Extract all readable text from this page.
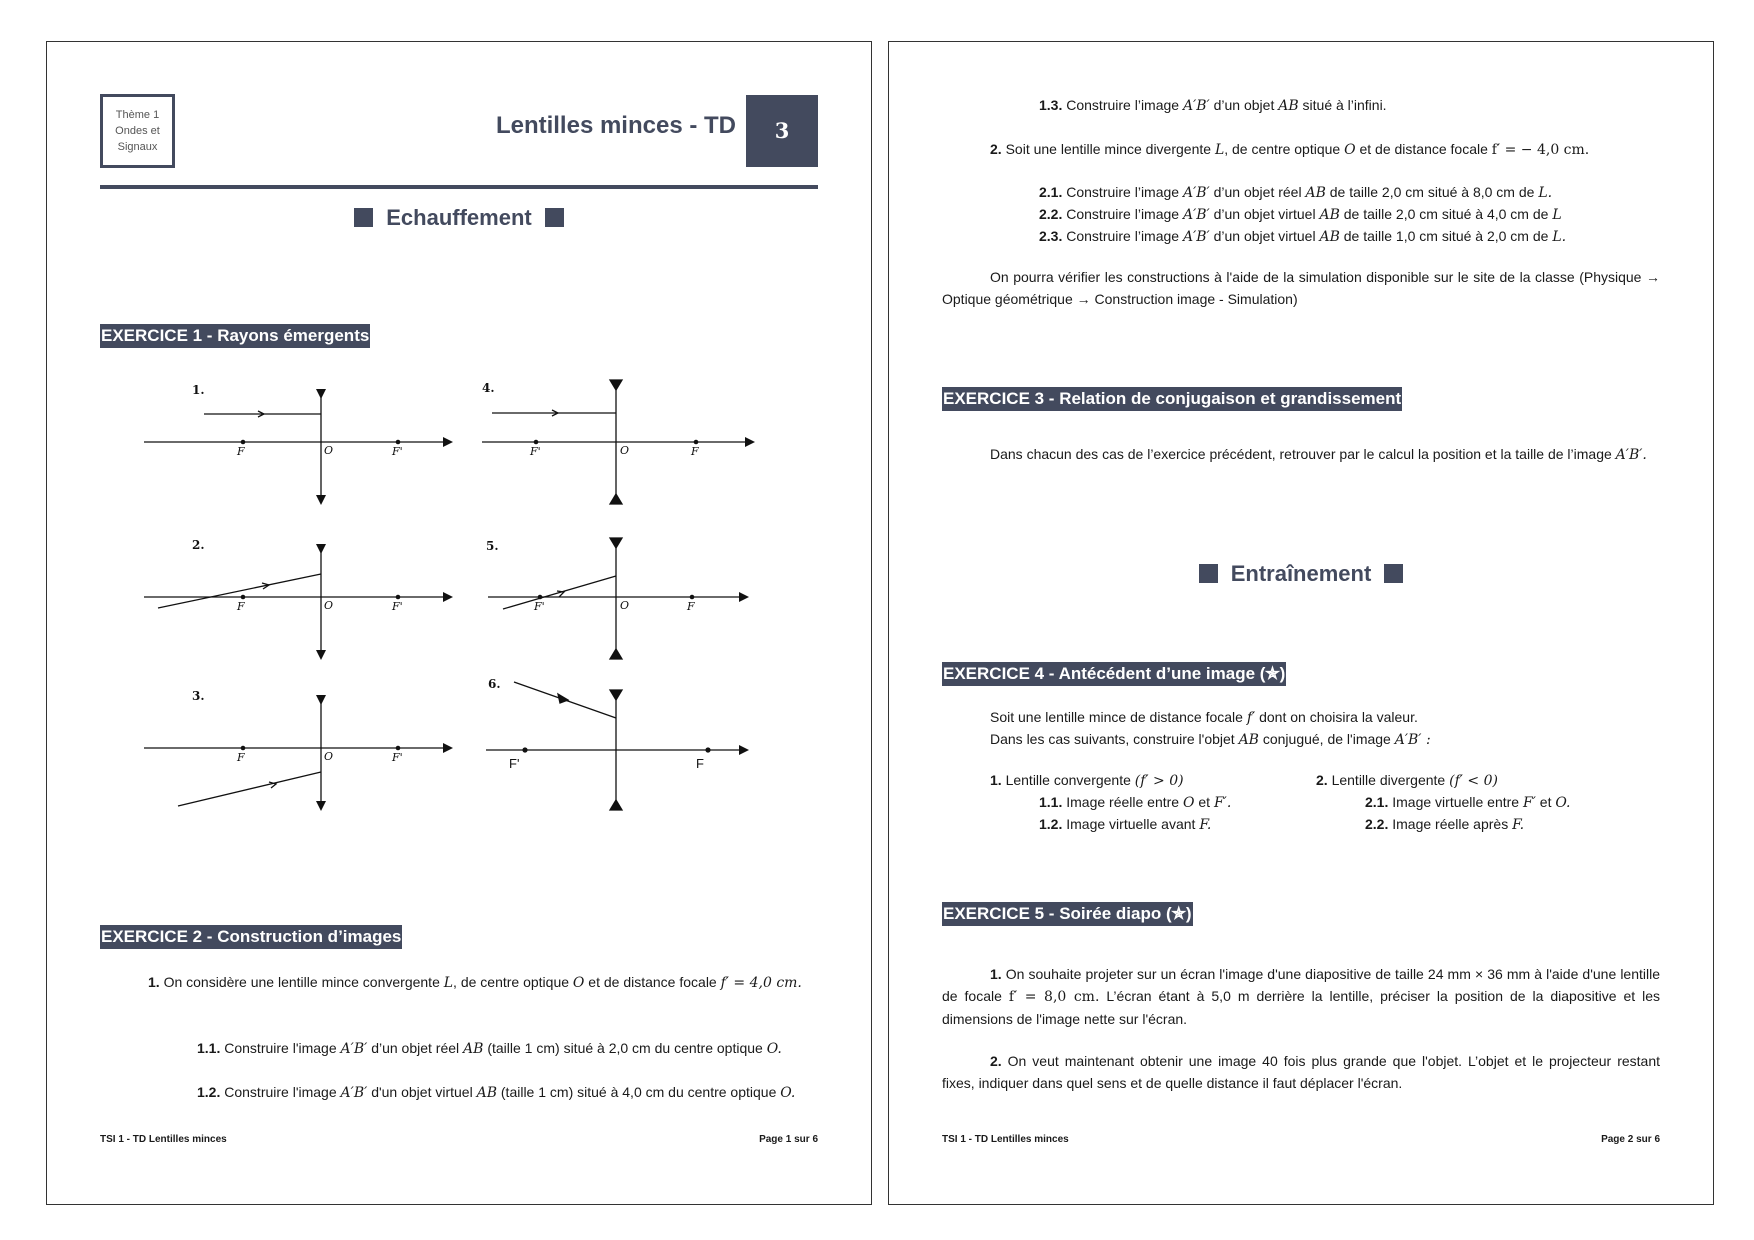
Thème 1
Ondes et
Signaux
Lentilles minces - TD	3
Echauffement
EXERCICE 1 - Rayons émergents
1.
2.
3.
4.
5.
6.
F	O	F'
F	O	F'
F	O	F'
F'	O	F
F'	O	F
F'	F
EXERCICE 2 - Construction d’images
1. On considère une lentille mince convergente L, de centre optique O et de distance focale f′ = 4,0 cm.
1.1. Construire l'image A′B′ d’un objet réel AB (taille 1 cm) situé à 2,0 cm du centre optique O.
1.2. Construire l'image A′B′ d'un objet virtuel AB (taille 1 cm) situé à 4,0 cm du centre optique O.
TSI 1 - TD Lentilles minces	Page 1 sur 6
1.3. Construire l’image A′B′ d’un objet AB situé à l’infini.
2. Soit une lentille mince divergente L, de centre optique O et de distance focale f′ = − 4,0 cm.
2.1. Construire l’image A′B′ d’un objet réel AB de taille 2,0 cm situé à 8,0 cm de L.
2.2. Construire l’image A′B′ d’un objet virtuel AB de taille 2,0 cm situé à 4,0 cm de L
2.3. Construire l’image A′B′ d’un objet virtuel AB de taille 1,0 cm situé à 2,0 cm de L.
On pourra vérifier les constructions à l'aide de la simulation disponible sur le site de la classe (Physique → Optique géométrique → Construction image - Simulation)
EXERCICE 3 - Relation de conjugaison et grandissement
Dans chacun des cas de l’exercice précédent, retrouver par le calcul la position et la taille de l’image A′B′.
Entraînement
EXERCICE 4 - Antécédent d’une image (✯)
Soit une lentille mince de distance focale f′ dont on choisira la valeur.
Dans les cas suivants, construire l'objet AB conjugué, de l'image A′B′ :
1. Lentille convergente (f′ > 0)
1.1. Image réelle entre O et F′.
1.2. Image virtuelle avant F.
2. Lentille divergente (f′ < 0)
2.1. Image virtuelle entre F′ et O.
2.2. Image réelle après F.
EXERCICE 5 - Soirée diapo (✯)
1. On souhaite projeter sur un écran l'image d'une diapositive de taille 24 mm × 36 mm à l'aide d'une lentille de focale f′ = 8,0 cm. L’écran étant à 5,0 m derrière la lentille, préciser la position de la diapositive et les dimensions de l'image nette sur l'écran.
2. On veut maintenant obtenir une image 40 fois plus grande que l'objet. L’objet et le projecteur restant fixes, indiquer dans quel sens et de quelle distance il faut déplacer l'écran.
TSI 1 - TD Lentilles minces	Page 2 sur 6
